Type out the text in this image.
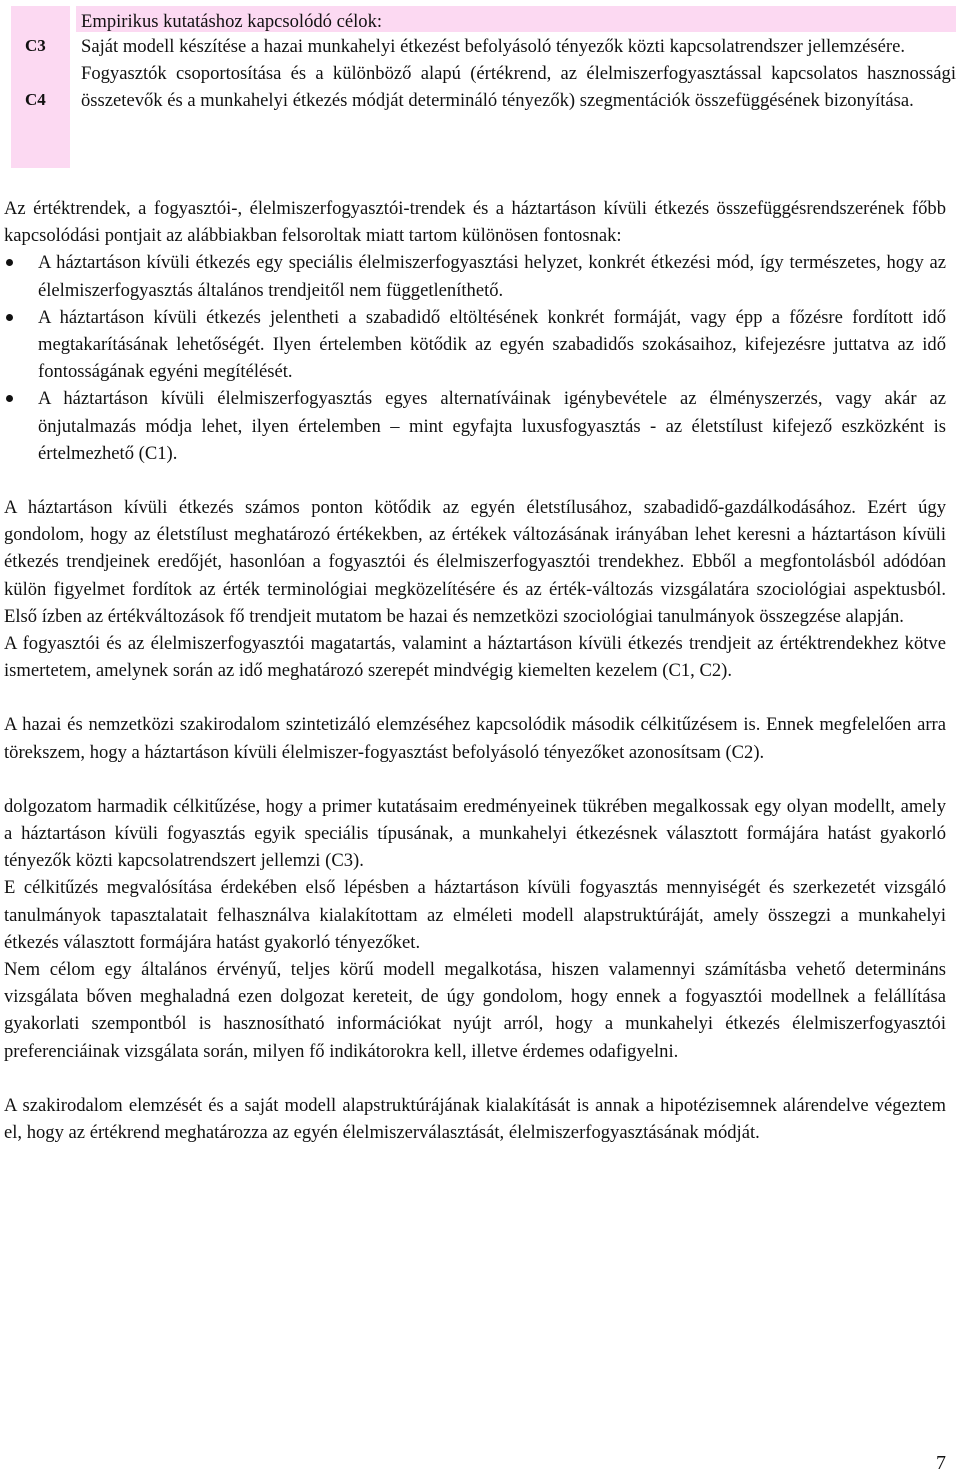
C3
C4

Empirikus kutatáshoz kapcsolódó célok:

Saját modell készítése a hazai munkahelyi étkezést befolyásoló tényezők közti kapcsolatrendszer jellemzésére.

Fogyasztók csoportosítása és a különböző alapú (értékrend, az élelmiszerfogyasztással kapcsolatos hasznossági összetevők és a munkahelyi étkezés módját determináló tényezők) szegmentációk összefüggésének bizonyítása.

Az értéktrendek, a fogyasztói-, élelmiszerfogyasztói-trendek és a háztartáson kívüli étkezés összefüggésrendszerének főbb kapcsolódási pontjait az alábbiakban felsoroltak miatt tartom különösen fontosnak:

A háztartáson kívüli étkezés egy speciális élelmiszerfogyasztási helyzet, konkrét étkezési mód, így természetes, hogy az élelmiszerfogyasztás általános trendjeitől nem függetleníthető.
A háztartáson kívüli étkezés jelentheti a szabadidő eltöltésének konkrét formáját, vagy épp a főzésre fordított idő megtakarításának lehetőségét. Ilyen értelemben kötődik az egyén szabadidős szokásaihoz, kifejezésre juttatva az idő fontosságának egyéni megítélését.
A háztartáson kívüli élelmiszerfogyasztás egyes alternatíváinak igénybevétele az élményszerzés, vagy akár az önjutalmazás módja lehet, ilyen értelemben – mint egyfajta luxusfogyasztás - az életstílust kifejező eszközként is értelmezhető (C1).

A háztartáson kívüli étkezés számos ponton kötődik az egyén életstílusához, szabadidő-gazdálkodásához. Ezért úgy gondolom, hogy az életstílust meghatározó értékekben, az értékek változásának irányában lehet keresni a háztartáson kívüli étkezés trendjeinek eredőjét, hasonlóan a fogyasztói és élelmiszerfogyasztói trendekhez. Ebből a megfontolásból adódóan külön figyelmet fordítok az érték terminológiai megközelítésére és az érték-változás vizsgálatára szociológiai aspektusból. Első ízben az értékváltozások fő trendjeit mutatom be hazai és nemzetközi szociológiai tanulmányok összegzése alapján.

A fogyasztói és az élelmiszerfogyasztói magatartás, valamint a háztartáson kívüli étkezés trendjeit az értéktrendekhez kötve ismertetem, amelynek során az idő meghatározó szerepét mindvégig kiemelten kezelem (C1, C2).

A hazai és nemzetközi szakirodalom szintetizáló elemzéséhez kapcsolódik második célkitűzésem is. Ennek megfelelően arra törekszem, hogy a háztartáson kívüli élelmiszer-fogyasztást befolyásoló tényezőket azonosítsam (C2).

dolgozatom harmadik célkitűzése, hogy a primer kutatásaim eredményeinek tükrében megalkossak egy olyan modellt, amely a háztartáson kívüli fogyasztás egyik speciális típusának, a munkahelyi étkezésnek választott formájára hatást gyakorló tényezők közti kapcsolatrendszert jellemzi (C3).

E célkitűzés megvalósítása érdekében első lépésben a háztartáson kívüli fogyasztás mennyiségét és szerkezetét vizsgáló tanulmányok tapasztalatait felhasználva kialakítottam az elméleti modell alapstruktúráját, amely összegzi a munkahelyi étkezés választott formájára hatást gyakorló tényezőket.

Nem célom egy általános érvényű, teljes körű modell megalkotása, hiszen valamennyi számításba vehető determináns vizsgálata bőven meghaladná ezen dolgozat kereteit, de úgy gondolom, hogy ennek a fogyasztói modellnek a felállítása gyakorlati szempontból is hasznosítható információkat nyújt arról, hogy a munkahelyi étkezés élelmiszerfogyasztói preferenciáinak vizsgálata során, milyen fő indikátorokra kell, illetve érdemes odafigyelni.

A szakirodalom elemzését és a saját modell alapstruktúrájának kialakítását is annak a hipotézisemnek alárendelve végeztem el, hogy az értékrend meghatározza az egyén élelmiszerválasztását, élelmiszerfogyasztásának módját.

7
